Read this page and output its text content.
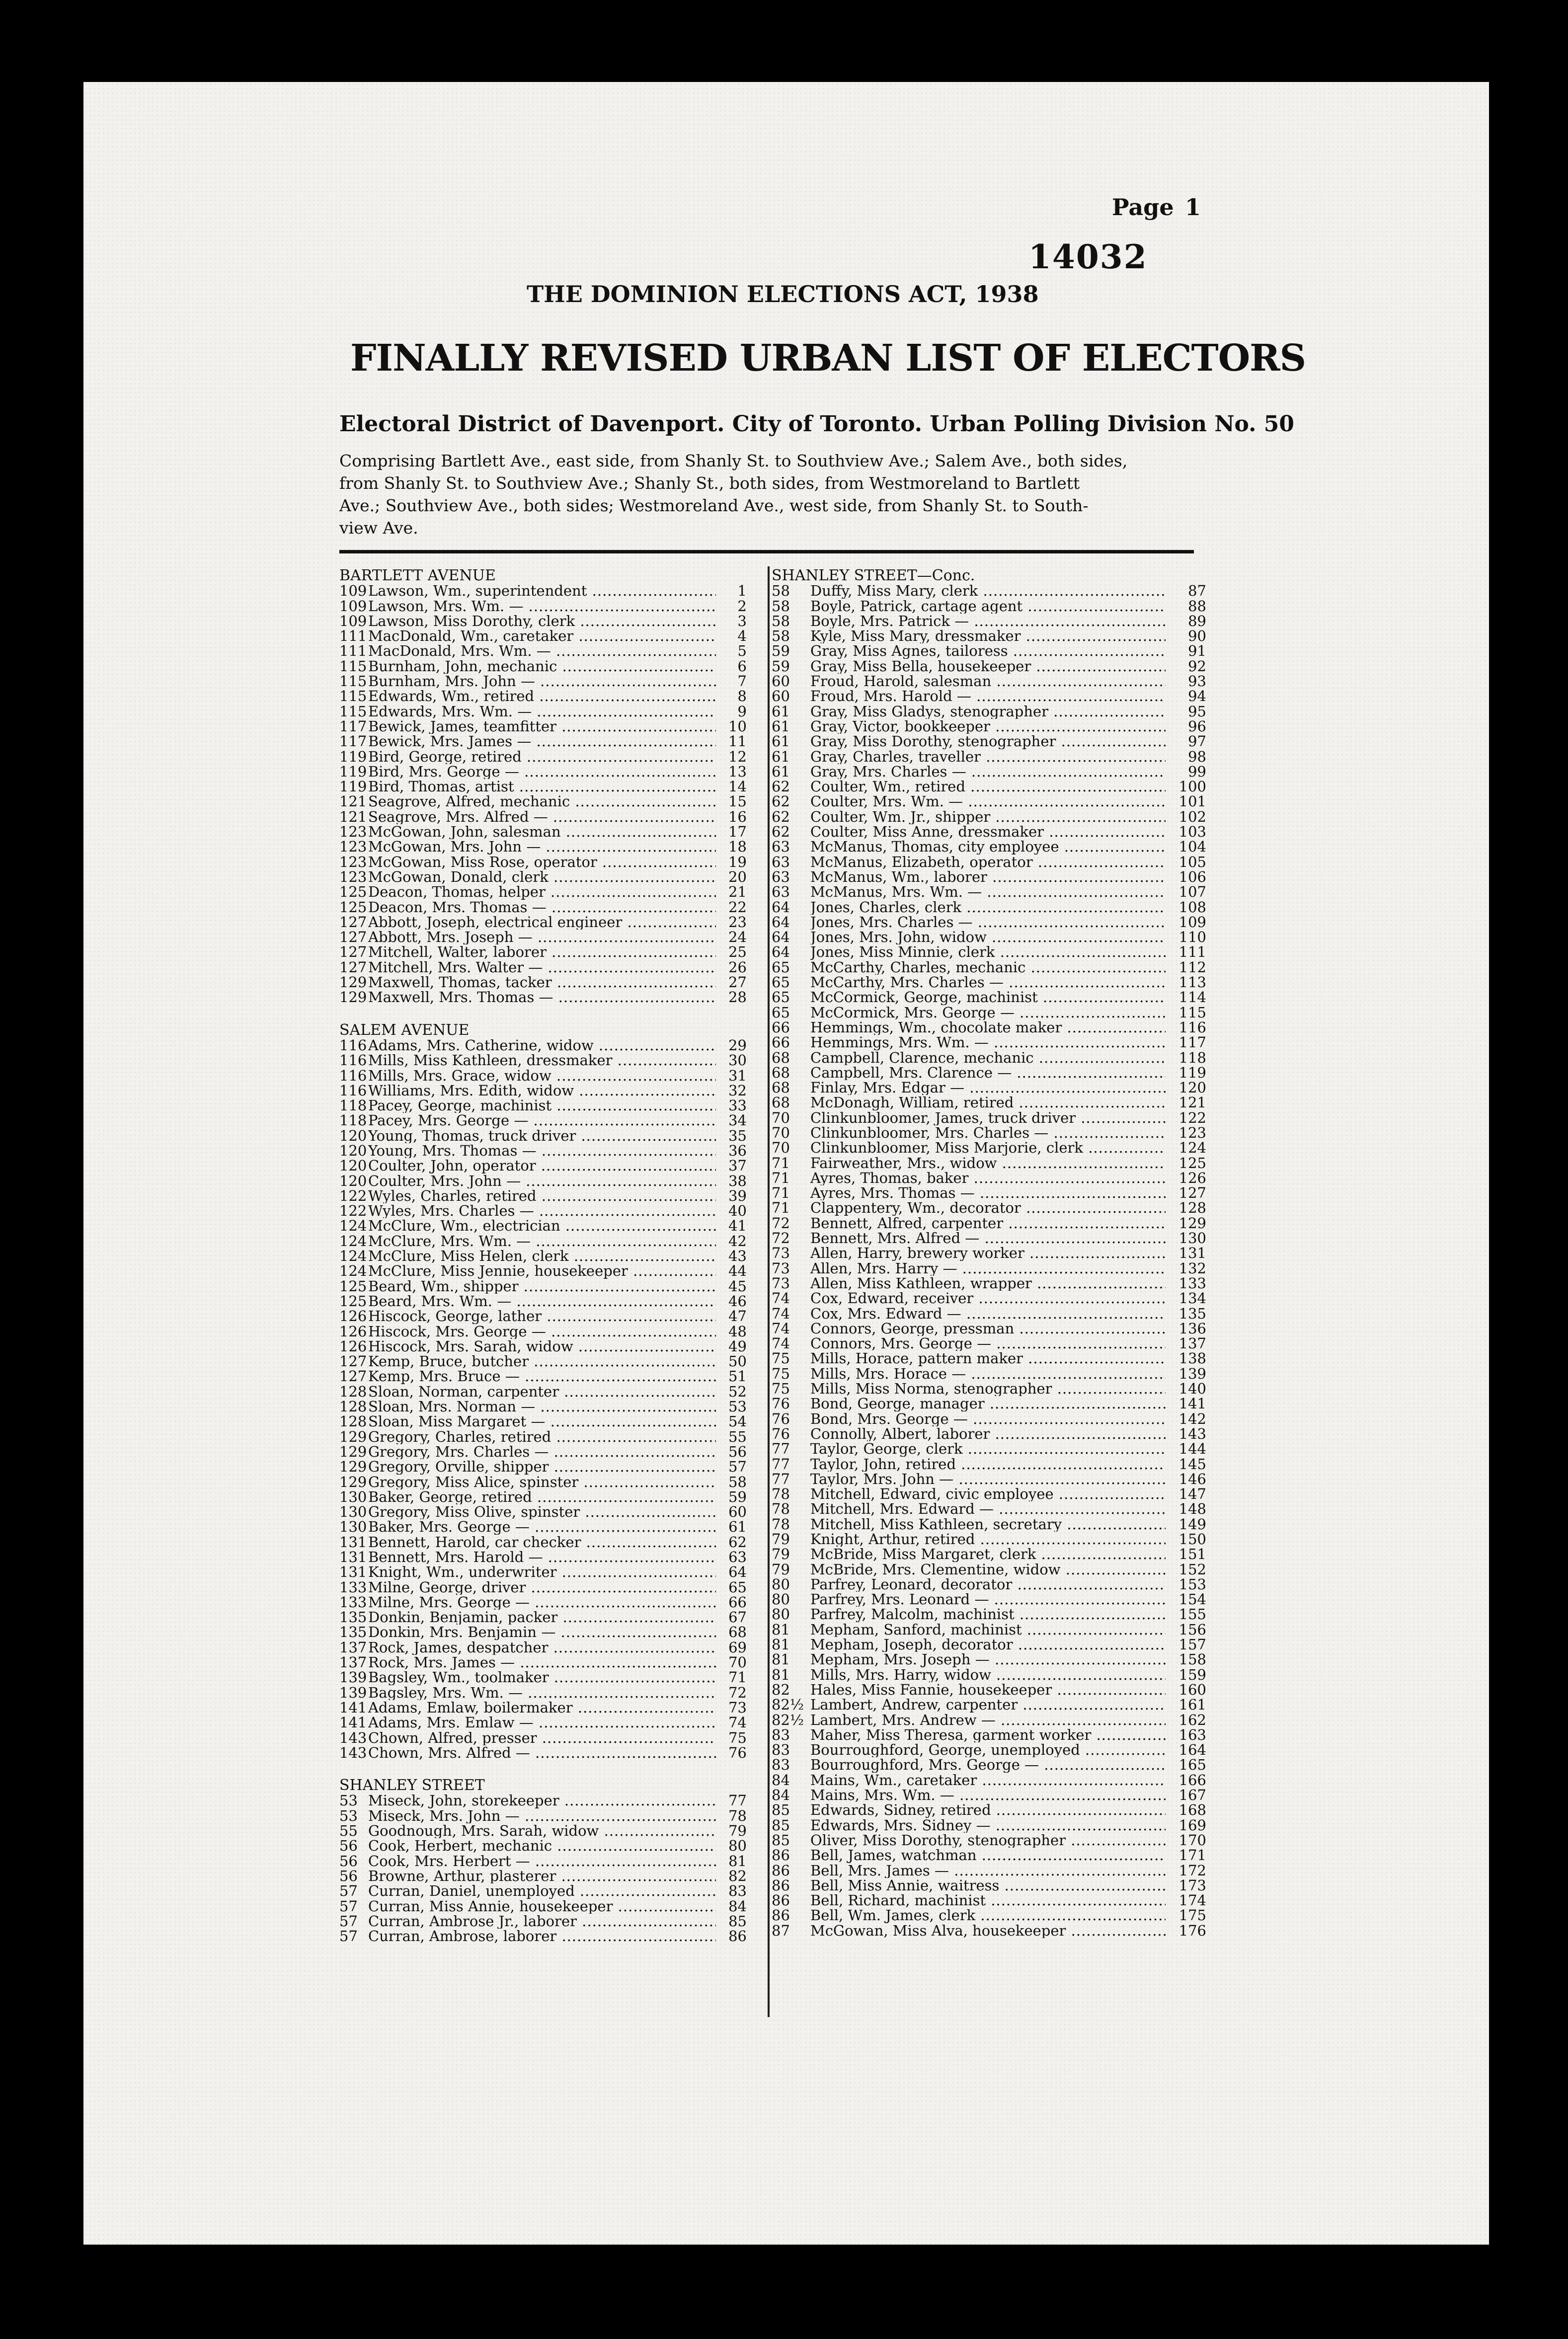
Page 1
14032
THE DOMINION ELECTIONS ACT, 1938
FINALLY REVISED URBAN LIST OF ELECTORS
Electoral District of Davenport. City of Toronto. Urban Polling Division No. 50
Comprising Bartlett Ave., east side, from Shanly St. to Southview Ave.; Salem Ave., both sides,
from Shanly St. to Southview Ave.; Shanly St., both sides, from Westmoreland to Bartlett
Ave.; Southview Ave., both sides; Westmoreland Ave., west side, from Shanly St. to South-
view Ave.
BARTLETT AVENUE
109 Lawson, Wm., superintendent .....	1
109 Lawson, Mrs. Wm. — .....	2
109 Lawson, Miss Dorothy, clerk .....	3
111 MacDonald, Wm., caretaker .....	4
111 MacDonald, Mrs. Wm. — .....	5
115 Burnham, John, mechanic .....	6
115 Burnham, Mrs. John — .....	7
115 Edwards, Wm., retired .....	8
115 Edwards, Mrs. Wm. — .....	9
117 Bewick, James, teamfitter .....	10
117 Bewick, Mrs. James — .....	11
119 Bird, George, retired .....	12
119 Bird, Mrs. George — .....	13
119 Bird, Thomas, artist .....	14
121 Seagrove, Alfred, mechanic .....	15
121 Seagrove, Mrs. Alfred — .....	16
123 McGowan, John, salesman .....	17
123 McGowan, Mrs. John — .....	18
123 McGowan, Miss Rose, operator .....	19
123 McGowan, Donald, clerk .....	20
125 Deacon, Thomas, helper .....	21
125 Deacon, Mrs. Thomas — .....	22
127 Abbott, Joseph, electrical engineer .....	23
127 Abbott, Mrs. Joseph — .....	24
127 Mitchell, Walter, laborer .....	25
127 Mitchell, Mrs. Walter — .....	26
129 Maxwell, Thomas, tacker .....	27
129 Maxwell, Mrs. Thomas — .....	28
SALEM AVENUE
116 Adams, Mrs. Catherine, widow .....	29
116 Mills, Miss Kathleen, dressmaker .....	30
116 Mills, Mrs. Grace, widow .....	31
116 Williams, Mrs. Edith, widow .....	32
118 Pacey, George, machinist .....	33
118 Pacey, Mrs. George — .....	34
120 Young, Thomas, truck driver .....	35
120 Young, Mrs. Thomas — .....	36
120 Coulter, John, operator .....	37
120 Coulter, Mrs. John — .....	38
122 Wyles, Charles, retired .....	39
122 Wyles, Mrs. Charles — .....	40
124 McClure, Wm., electrician .....	41
124 McClure, Mrs. Wm. — .....	42
124 McClure, Miss Helen, clerk .....	43
124 McClure, Miss Jennie, housekeeper .....	44
125 Beard, Wm., shipper .....	45
125 Beard, Mrs. Wm. — .....	46
126 Hiscock, George, lather .....	47
126 Hiscock, Mrs. George — .....	48
126 Hiscock, Mrs. Sarah, widow .....	49
127 Kemp, Bruce, butcher .....	50
127 Kemp, Mrs. Bruce — .....	51
128 Sloan, Norman, carpenter .....	52
128 Sloan, Mrs. Norman — .....	53
128 Sloan, Miss Margaret — .....	54
129 Gregory, Charles, retired .....	55
129 Gregory, Mrs. Charles — .....	56
129 Gregory, Orville, shipper .....	57
129 Gregory, Miss Alice, spinster .....	58
130 Baker, George, retired .....	59
130 Gregory, Miss Olive, spinster .....	60
130 Baker, Mrs. George — .....	61
131 Bennett, Harold, car checker .....	62
131 Bennett, Mrs. Harold — .....	63
131 Knight, Wm., underwriter .....	64
133 Milne, George, driver .....	65
133 Milne, Mrs. George — .....	66
135 Donkin, Benjamin, packer .....	67
135 Donkin, Mrs. Benjamin — .....	68
137 Rock, James, despatcher .....	69
137 Rock, Mrs. James — .....	70
139 Bagsley, Wm., toolmaker .....	71
139 Bagsley, Mrs. Wm. — .....	72
141 Adams, Emlaw, boilermaker .....	73
141 Adams, Mrs. Emlaw — .....	74
143 Chown, Alfred, presser .....	75
143 Chown, Mrs. Alfred — .....	76
SHANLEY STREET
53 Miseck, John, storekeeper .....	77
53 Miseck, Mrs. John — .....	78
55 Goodnough, Mrs. Sarah, widow .....	79
56 Cook, Herbert, mechanic .....	80
56 Cook, Mrs. Herbert — .....	81
56 Browne, Arthur, plasterer .....	82
57 Curran, Daniel, unemployed .....	83
57 Curran, Miss Annie, housekeeper .....	84
57 Curran, Ambrose Jr., laborer .....	85
57 Curran, Ambrose, laborer .....	86
SHANLEY STREET—Conc.
58	Duffy, Miss Mary, clerk .....	87
58	Boyle, Patrick, cartage agent .....	88
58	Boyle, Mrs. Patrick — .....	89
58	Kyle, Miss Mary, dressmaker .....	90
59	Gray, Miss Agnes, tailoress .....	91
59	Gray, Miss Bella, housekeeper .....	92
60	Froud, Harold, salesman .....	93
60	Froud, Mrs. Harold — .....	94
61	Gray, Miss Gladys, stenographer .....	95
61	Gray, Victor, bookkeeper .....	96
61	Gray, Miss Dorothy, stenographer .....	97
61	Gray, Charles, traveller .....	98
61	Gray, Mrs. Charles — .....	99
62	Coulter, Wm., retired .....	100
62	Coulter, Mrs. Wm. — .....	101
62	Coulter, Wm. Jr., shipper .....	102
62	Coulter, Miss Anne, dressmaker .....	103
63	McManus, Thomas, city employee .....	104
63	McManus, Elizabeth, operator .....	105
63	McManus, Wm., laborer .....	106
63	McManus, Mrs. Wm. — .....	107
64	Jones, Charles, clerk .....	108
64	Jones, Mrs. Charles — .....	109
64	Jones, Mrs. John, widow .....	110
64	Jones, Miss Minnie, clerk .....	111
65	McCarthy, Charles, mechanic .....	112
65	McCarthy, Mrs. Charles — .....	113
65	McCormick, George, machinist .....	114
65	McCormick, Mrs. George — .....	115
66	Hemmings, Wm., chocolate maker .....	116
66	Hemmings, Mrs. Wm. — .....	117
68	Campbell, Clarence, mechanic .....	118
68	Campbell, Mrs. Clarence — .....	119
68	Finlay, Mrs. Edgar — .....	120
68	McDonagh, William, retired .....	121
70	Clinkunbloomer, James, truck driver .....	122
70	Clinkunbloomer, Mrs. Charles — .....	123
70	Clinkunbloomer, Miss Marjorie, clerk .....	124
71	Fairweather, Mrs., widow .....	125
71	Ayres, Thomas, baker .....	126
71	Ayres, Mrs. Thomas — .....	127
71	Clappentery, Wm., decorator .....	128
72	Bennett, Alfred, carpenter .....	129
72	Bennett, Mrs. Alfred — .....	130
73	Allen, Harry, brewery worker .....	131
73	Allen, Mrs. Harry — .....	132
73	Allen, Miss Kathleen, wrapper .....	133
74	Cox, Edward, receiver .....	134
74	Cox, Mrs. Edward — .....	135
74	Connors, George, pressman .....	136
74	Connors, Mrs. George — .....	137
75	Mills, Horace, pattern maker .....	138
75	Mills, Mrs. Horace — .....	139
75	Mills, Miss Norma, stenographer .....	140
76	Bond, George, manager .....	141
76	Bond, Mrs. George — .....	142
76	Connolly, Albert, laborer .....	143
77	Taylor, George, clerk .....	144
77	Taylor, John, retired .....	145
77	Taylor, Mrs. John — .....	146
78	Mitchell, Edward, civic employee .....	147
78	Mitchell, Mrs. Edward — .....	148
78	Mitchell, Miss Kathleen, secretary .....	149
79	Knight, Arthur, retired .....	150
79	McBride, Miss Margaret, clerk .....	151
79	McBride, Mrs. Clementine, widow .....	152
80	Parfrey, Leonard, decorator .....	153
80	Parfrey, Mrs. Leonard — .....	154
80	Parfrey, Malcolm, machinist .....	155
81	Mepham, Sanford, machinist .....	156
81	Mepham, Joseph, decorator .....	157
81	Mepham, Mrs. Joseph — .....	158
81	Mills, Mrs. Harry, widow .....	159
82	Hales, Miss Fannie, housekeeper .....	160
82½ Lambert, Andrew, carpenter .....	161
82½ Lambert, Mrs. Andrew — .....	162
83	Maher, Miss Theresa, garment worker .....	163
83	Bourroughford, George, unemployed .....	164
83	Bourroughford, Mrs. George — .....	165
84	Mains, Wm., caretaker .....	166
84	Mains, Mrs. Wm. — .....	167
85	Edwards, Sidney, retired .....	168
85	Edwards, Mrs. Sidney — .....	169
85	Oliver, Miss Dorothy, stenographer .....	170
86	Bell, James, watchman .....	171
86	Bell, Mrs. James — .....	172
86	Bell, Miss Annie, waitress .....	173
86	Bell, Richard, machinist .....	174
86	Bell, Wm. James, clerk .....	175
87	McGowan, Miss Alva, housekeeper .....	176
